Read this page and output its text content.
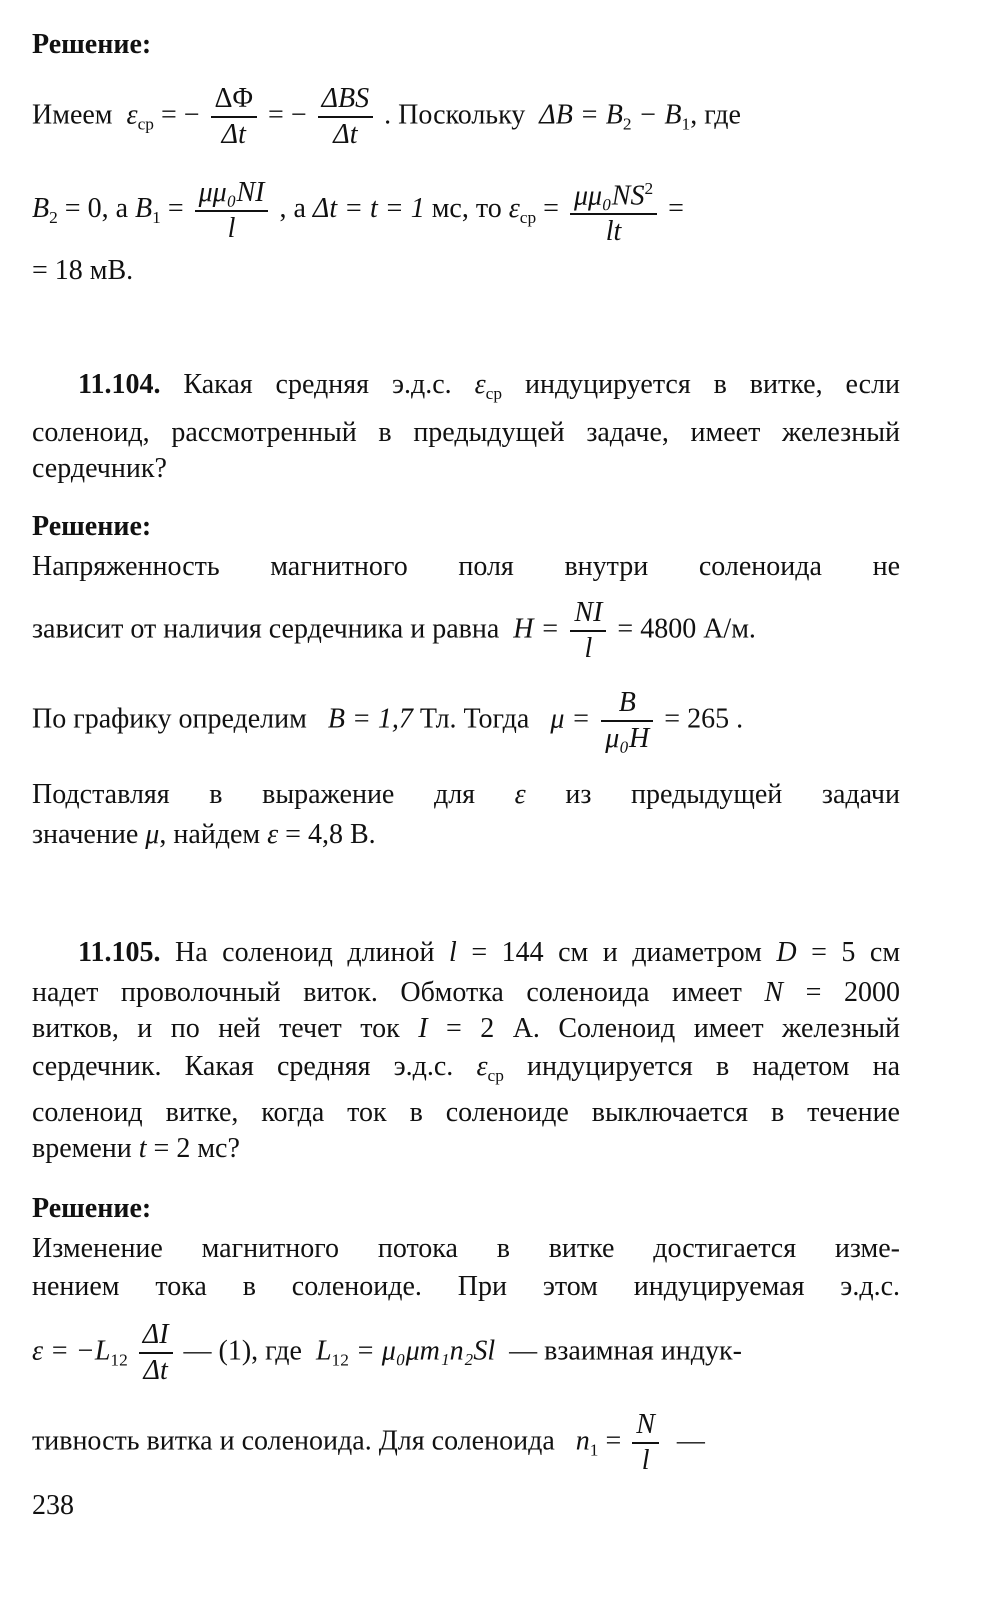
Решение:
Имеем $\varepsilon_{ср}$ = − $\frac{\Delta\Phi}{\Delta t}$ = − $\frac{\text{ΔBS}}{\Delta t}$ . Поскольку $\Delta B = B_2 - B_1$, где
$B_2 = 0$, а $B_1 = \frac{\text{μμ₀NI}}{l}$ , а Δt = t = 1 мс, то $\varepsilon_{ср} = \frac{\mu\mu_0NS^2}{lt}$ =
= 18 мВ.
11.104. Какая средняя э.д.с. $\varepsilon_{ср}$ индуцируется в витке, если
соленоид, рассмотренный в предыдущей задаче, имеет железный
сердечник?
Решение:
Напряженность магнитного поля внутри соленоида не
зависит от наличия сердечника и равна $H = \frac{NI}{l} = 4800$ А/м.
По графику определим B = 1,7 Тл. Тогда $\mu = \frac{B}{\text{μ₀H}} = 265$ .
Подставляя в выражение для ε из предыдущей задачи
значение μ, найдем ε = 4,8 В.
11.105. На соленоид длиной l = 144 см и диаметром D = 5 см
надет проволочный виток. Обмотка соленоида имеет N = 2000
витков, и по ней течет ток I = 2 А. Соленоид имеет железный
сердечник. Какая средняя э.д.с. $\varepsilon_{ср}$ индуцируется в надетом на
соленоид витке, когда ток в соленоиде выключается в течение
времени t = 2 мс?
Решение:
Изменение магнитного потока в витке достигается изме-
нением тока в соленоиде. При этом индуцируемая э.д.с.
$\varepsilon = -L_{12} \frac{\Delta I}{\Delta t}$ — (1), где $L_{12} = \mu_0\mu m_1n_2Sl$ — взаимная индук-
тивность витка и соленоида. Для соленоида $n_1 = \frac{N}{l}$ —
238
